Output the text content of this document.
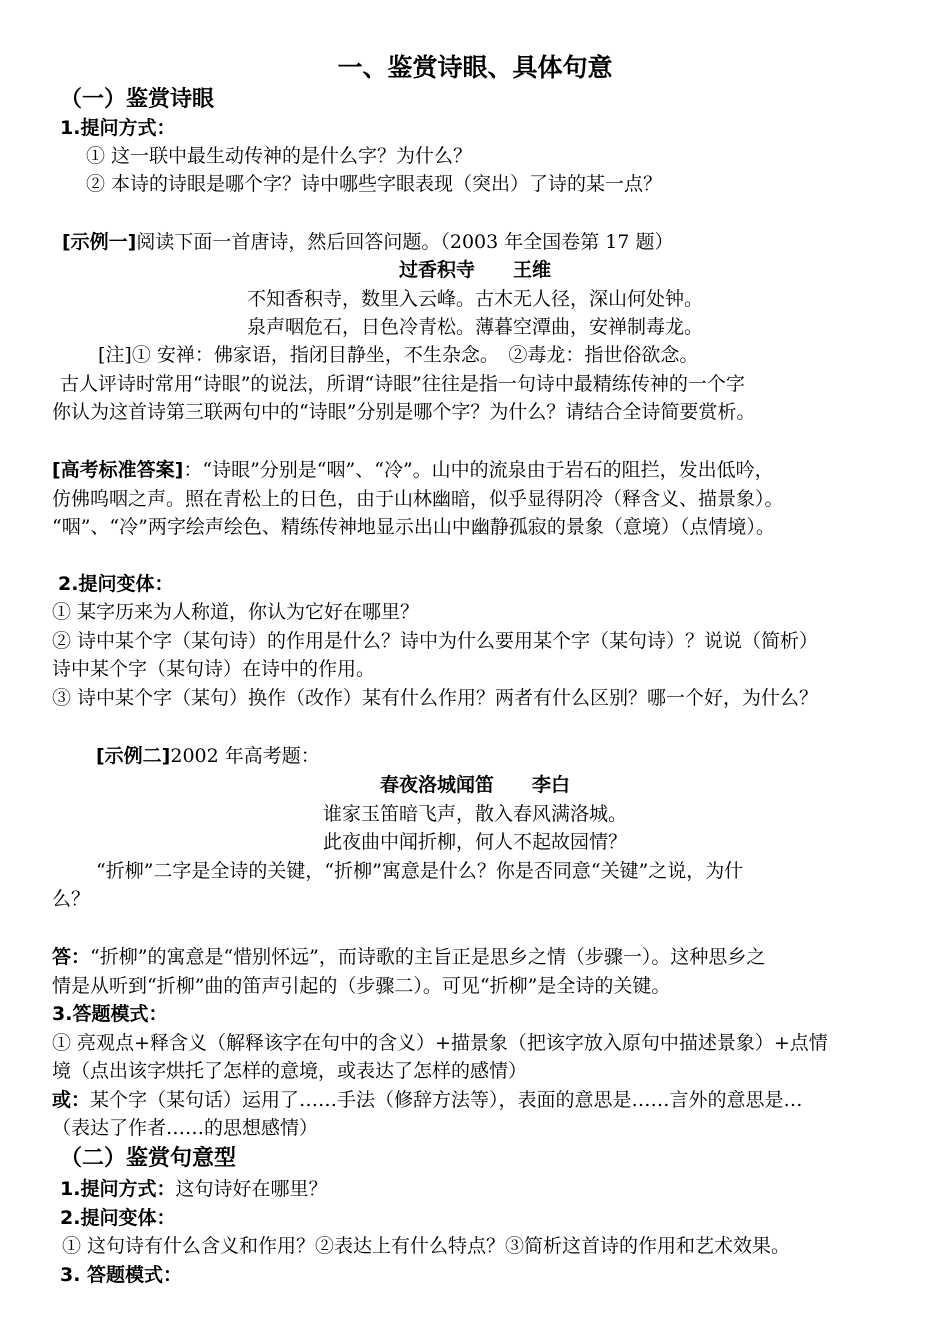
一、鉴赏诗眼、具体句意
（一）鉴赏诗眼
1.提问方式：
① 这一联中最生动传神的是什么字？为什么？
② 本诗的诗眼是哪个字？诗中哪些字眼表现（突出）了诗的某一点？
[示例一]阅读下面一首唐诗，然后回答问题。（2003 年全国卷第 17 题）
过香积寺　　王维
不知香积寺，数里入云峰。古木无人径，深山何处钟。
泉声咽危石，日色冷青松。薄暮空潭曲，安禅制毒龙。
[注]① 安禅：佛家语，指闭目静坐，不生杂念。　②毒龙：指世俗欲念。
古人评诗时常用“诗眼”的说法，所谓“诗眼”往往是指一句诗中最精练传神的一个字
你认为这首诗第三联两句中的“诗眼”分别是哪个字？为什么？请结合全诗简要赏析。
[高考标准答案]：“诗眼”分别是“咽”、“冷”。山中的流泉由于岩石的阻拦，发出低吟，
仿佛呜咽之声。照在青松上的日色，由于山林幽暗，似乎显得阴冷（释含义、描景象）。
“咽”、“冷”两字绘声绘色、精练传神地显示出山中幽静孤寂的景象（意境）（点情境）。
2.提问变体：
① 某字历来为人称道，你认为它好在哪里？
② 诗中某个字（某句诗）的作用是什么？诗中为什么要用某个字（某句诗）？说说（简析）
诗中某个字（某句诗）在诗中的作用。
③ 诗中某个字（某句）换作（改作）某有什么作用？两者有什么区别？哪一个好，为什么？
[示例二]2002 年高考题：
春夜洛城闻笛　　李白
谁家玉笛暗飞声，散入春风满洛城。
此夜曲中闻折柳，何人不起故园情？
“折柳”二字是全诗的关键，“折柳”寓意是什么？你是否同意“关键”之说，为什
么？
答：“折柳”的寓意是“惜别怀远”，而诗歌的主旨正是思乡之情（步骤一）。这种思乡之
情是从听到“折柳”曲的笛声引起的（步骤二）。可见“折柳”是全诗的关键。
3.答题模式：
① 亮观点+释含义（解释该字在句中的含义）+描景象（把该字放入原句中描述景象）+点情
境（点出该字烘托了怎样的意境，或表达了怎样的感情）
或：某个字（某句话）运用了……手法（修辞方法等），表面的意思是……言外的意思是…
（表达了作者……的思想感情）
（二）鉴赏句意型
1.提问方式：这句诗好在哪里？
2.提问变体：
① 这句诗有什么含义和作用？②表达上有什么特点？③简析这首诗的作用和艺术效果。
3. 答题模式：
